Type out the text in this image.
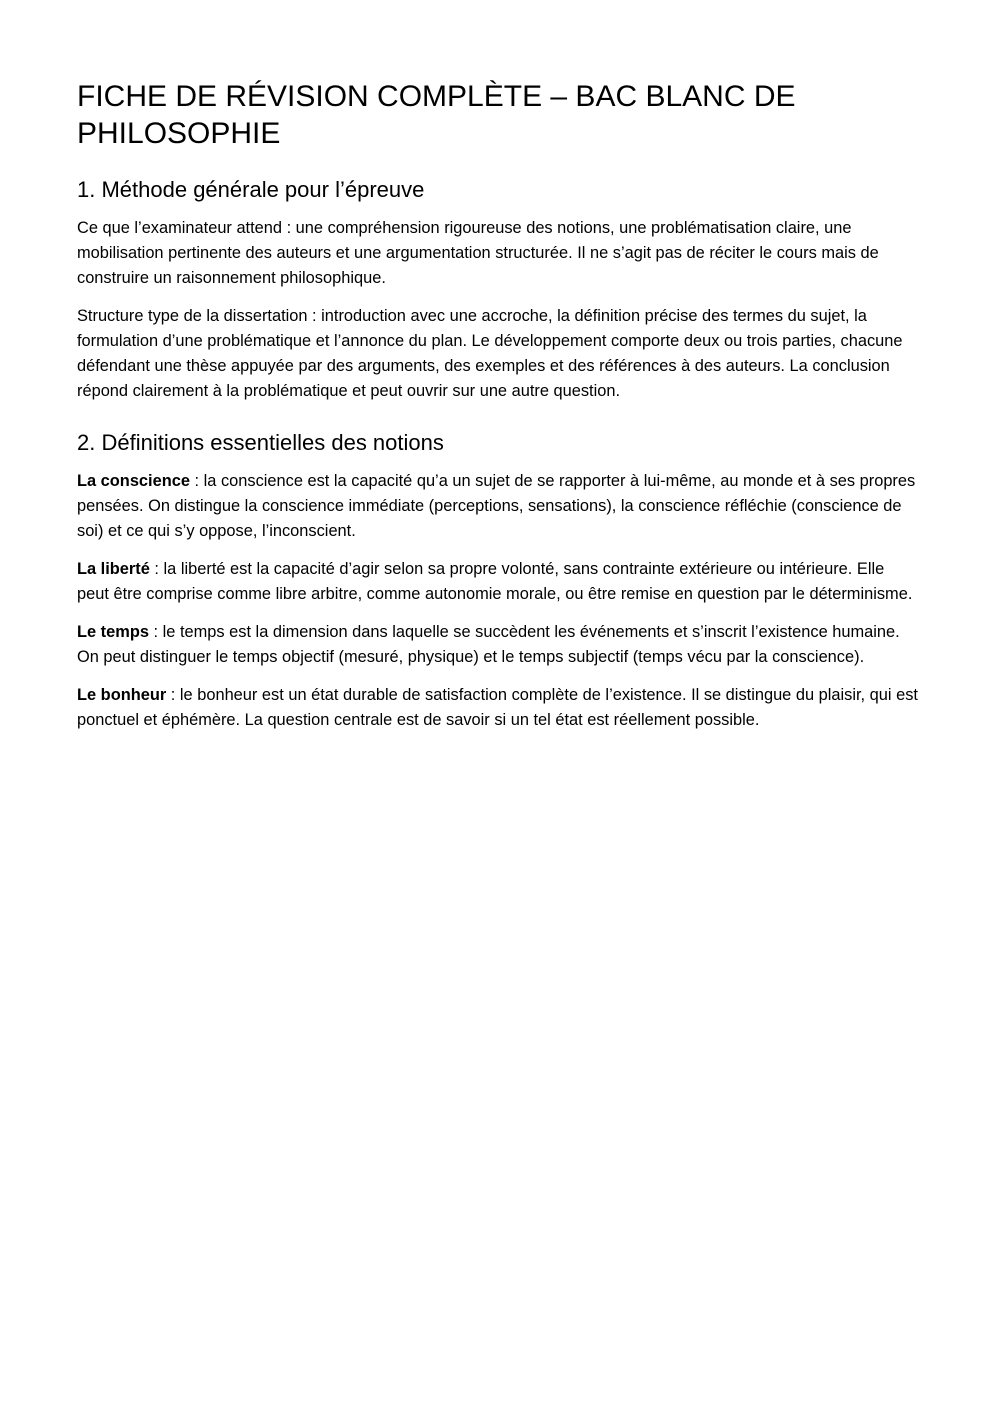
FICHE DE RÉVISION COMPLÈTE – BAC BLANC DE PHILOSOPHIE
1. Méthode générale pour l’épreuve

Ce que l’examinateur attend : une compréhension rigoureuse des notions, une problématisation claire, une mobilisation pertinente des auteurs et une argumentation structurée. Il ne s’agit pas de réciter le cours mais de construire un raisonnement philosophique.

Structure type de la dissertation : introduction avec une accroche, la définition précise des termes du sujet, la formulation d’une problématique et l’annonce du plan. Le développement comporte deux ou trois parties, chacune défendant une thèse appuyée par des arguments, des exemples et des références à des auteurs. La conclusion répond clairement à la problématique et peut ouvrir sur une autre question.

2. Définitions essentielles des notions

La conscience : la conscience est la capacité qu’a un sujet de se rapporter à lui-même, au monde et à ses propres pensées. On distingue la conscience immédiate (perceptions, sensations), la conscience réfléchie (conscience de soi) et ce qui s’y oppose, l’inconscient.

La liberté : la liberté est la capacité d’agir selon sa propre volonté, sans contrainte extérieure ou intérieure. Elle peut être comprise comme libre arbitre, comme autonomie morale, ou être remise en question par le déterminisme.

Le temps : le temps est la dimension dans laquelle se succèdent les événements et s’inscrit l’existence humaine. On peut distinguer le temps objectif (mesuré, physique) et le temps subjectif (temps vécu par la conscience).

Le bonheur : le bonheur est un état durable de satisfaction complète de l’existence. Il se distingue du plaisir, qui est ponctuel et éphémère. La question centrale est de savoir si un tel état est réellement possible.
